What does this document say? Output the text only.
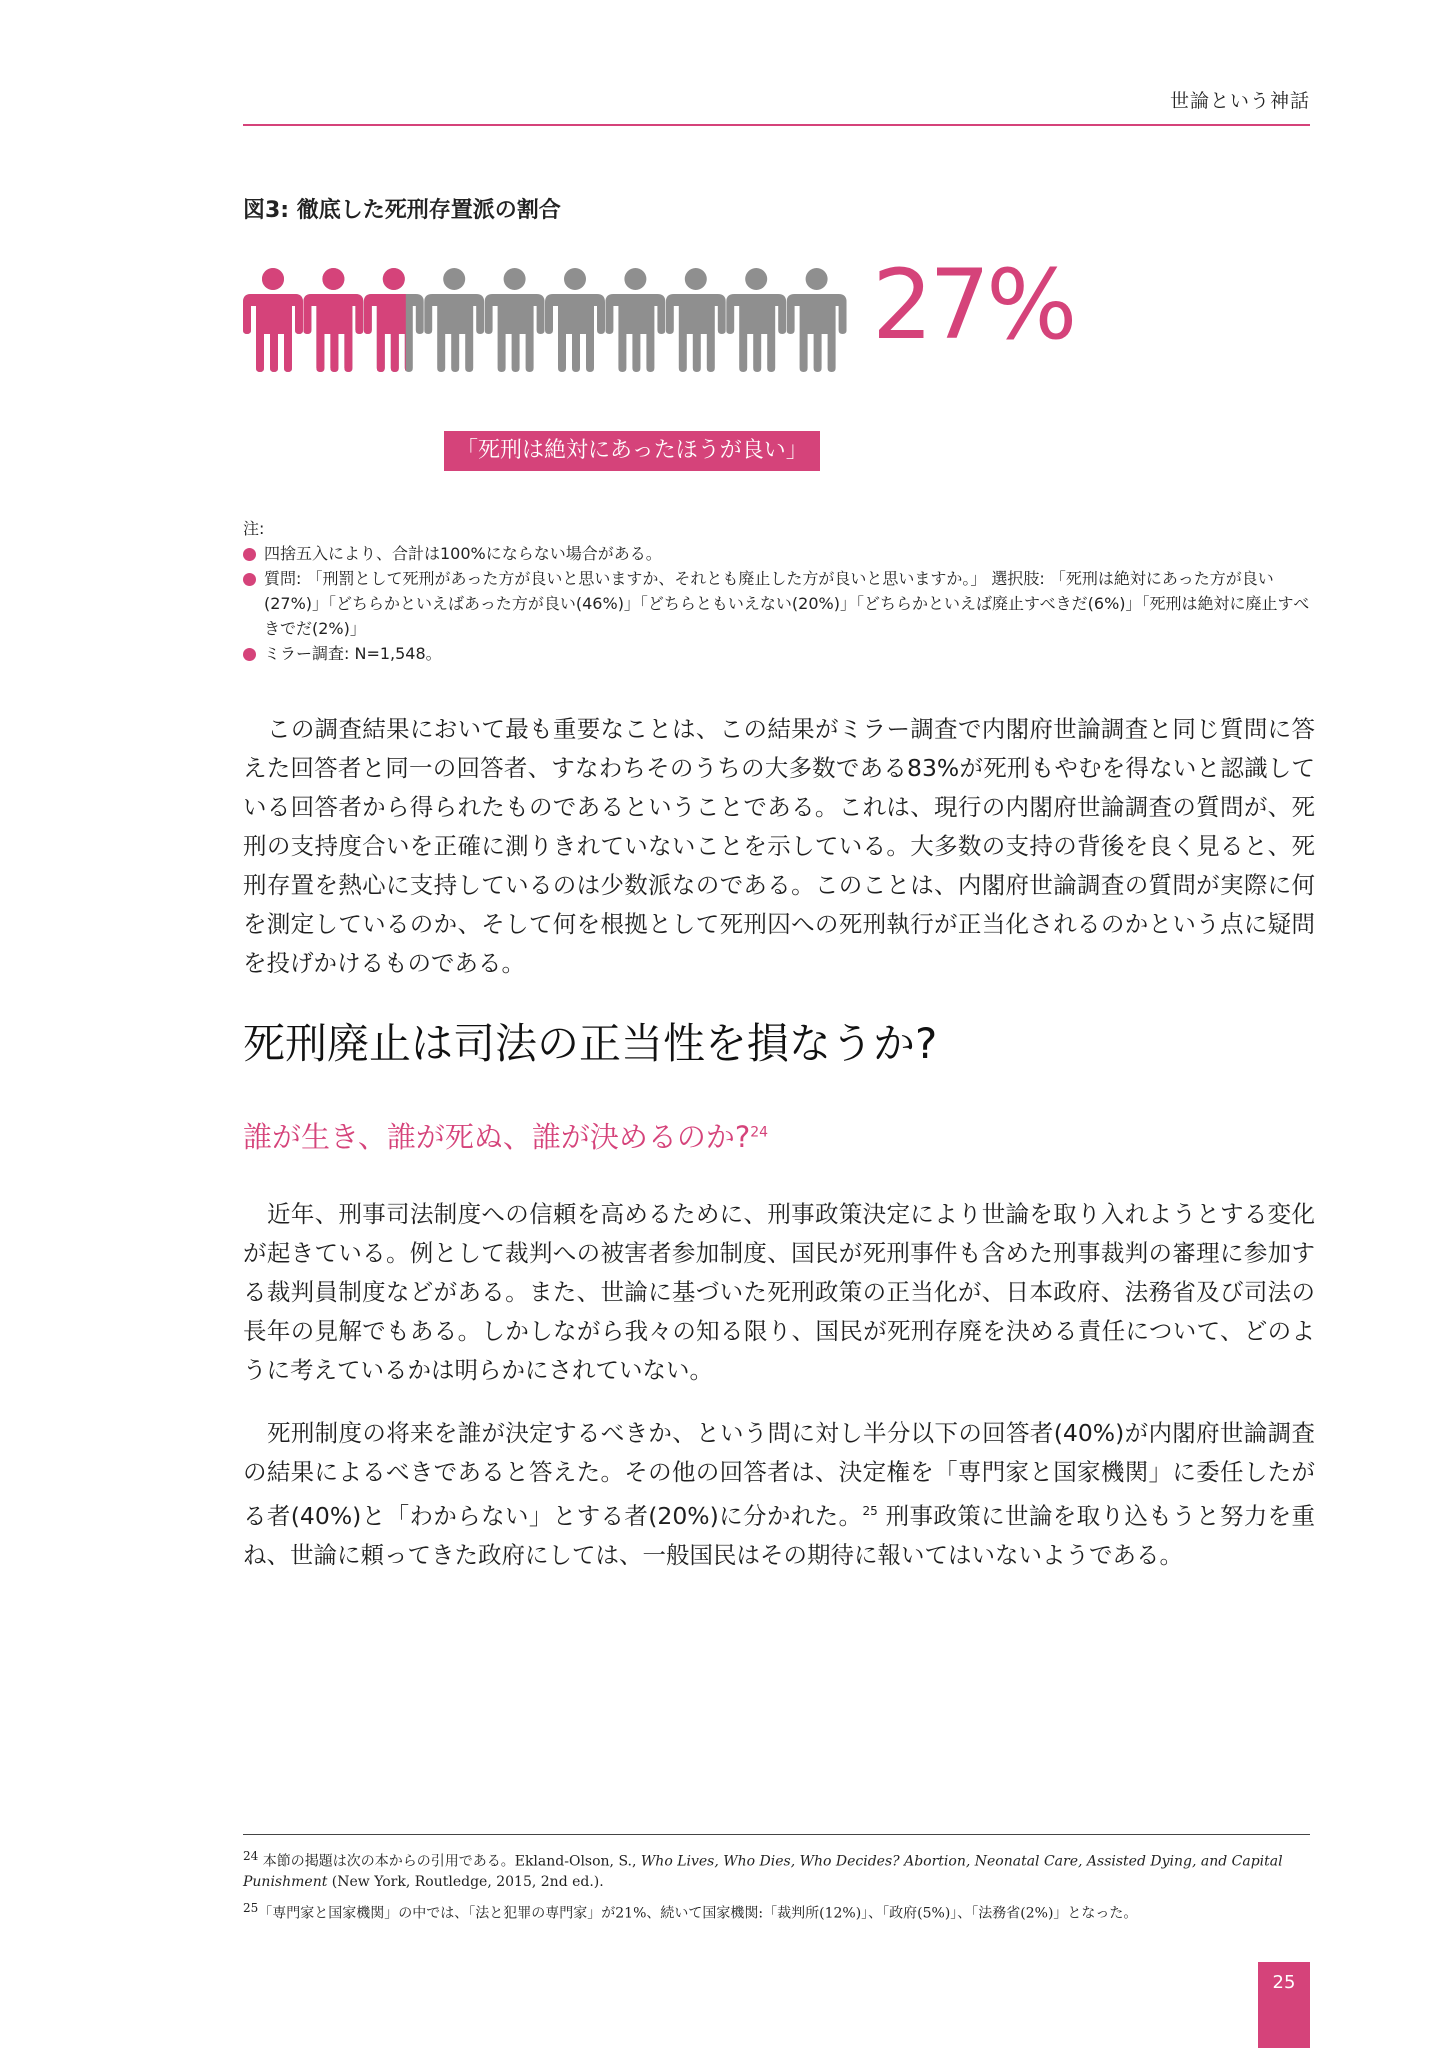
世論という神話
図3: 徹底した死刑存置派の割合
27%
「死刑は絶対にあったほうが良い」
注:
四捨五入により、合計は100%にならない場合がある。
質問: 「刑罰として死刑があった方が良いと思いますか、それとも廃止した方が良いと思いますか。」 選択肢: 「死刑は絶対にあった方が良い(27%)」「どちらかといえばあった方が良い(46%)」「どちらともいえない(20%)」「どちらかといえば廃止すべきだ(6%)」「死刑は絶対に廃止すべきでだ(2%)」
ミラー調査: N=1,548。
この調査結果において最も重要なことは、この結果がミラー調査で内閣府世論調査と同じ質問に答えた回答者と同一の回答者、すなわちそのうちの大多数である83%が死刑もやむを得ないと認識している回答者から得られたものであるということである。これは、現行の内閣府世論調査の質問が、死刑の支持度合いを正確に測りきれていないことを示している。大多数の支持の背後を良く見ると、死刑存置を熱心に支持しているのは少数派なのである。このことは、内閣府世論調査の質問が実際に何を測定しているのか、そして何を根拠として死刑囚への死刑執行が正当化されるのかという点に疑問を投げかけるものである。
死刑廃止は司法の正当性を損なうか?
誰が生き、誰が死ぬ、誰が決めるのか?$^{24}$
近年、刑事司法制度への信頼を高めるために、刑事政策決定により世論を取り入れようとする変化が起きている。例として裁判への被害者参加制度、国民が死刑事件も含めた刑事裁判の審理に参加する裁判員制度などがある。また、世論に基づいた死刑政策の正当化が、日本政府、法務省及び司法の長年の見解でもある。しかしながら我々の知る限り、国民が死刑存廃を決める責任について、どのように考えているかは明らかにされていない。
死刑制度の将来を誰が決定するべきか、という問に対し半分以下の回答者(40%)が内閣府世論調査の結果によるべきであると答えた。その他の回答者は、決定権を「専門家と国家機関」に委任したがる者(40%)と「わからない」とする者(20%)に分かれた。$^{25}$ 刑事政策に世論を取り込もうと努力を重ね、世論に頼ってきた政府にしては、一般国民はその期待に報いてはいないようである。

24 本節の掲題は次の本からの引用である。Ekland-Olson, S., Who Lives, Who Dies, Who Decides? Abortion, Neonatal Care, Assisted Dying, and Capital Punishment (New York, Routledge, 2015, 2nd ed.).

25「専門家と国家機関」の中では、「法と犯罪の専門家」が21%、続いて国家機関:「裁判所(12%)」、「政府(5%)」、「法務省(2%)」となった。

25
